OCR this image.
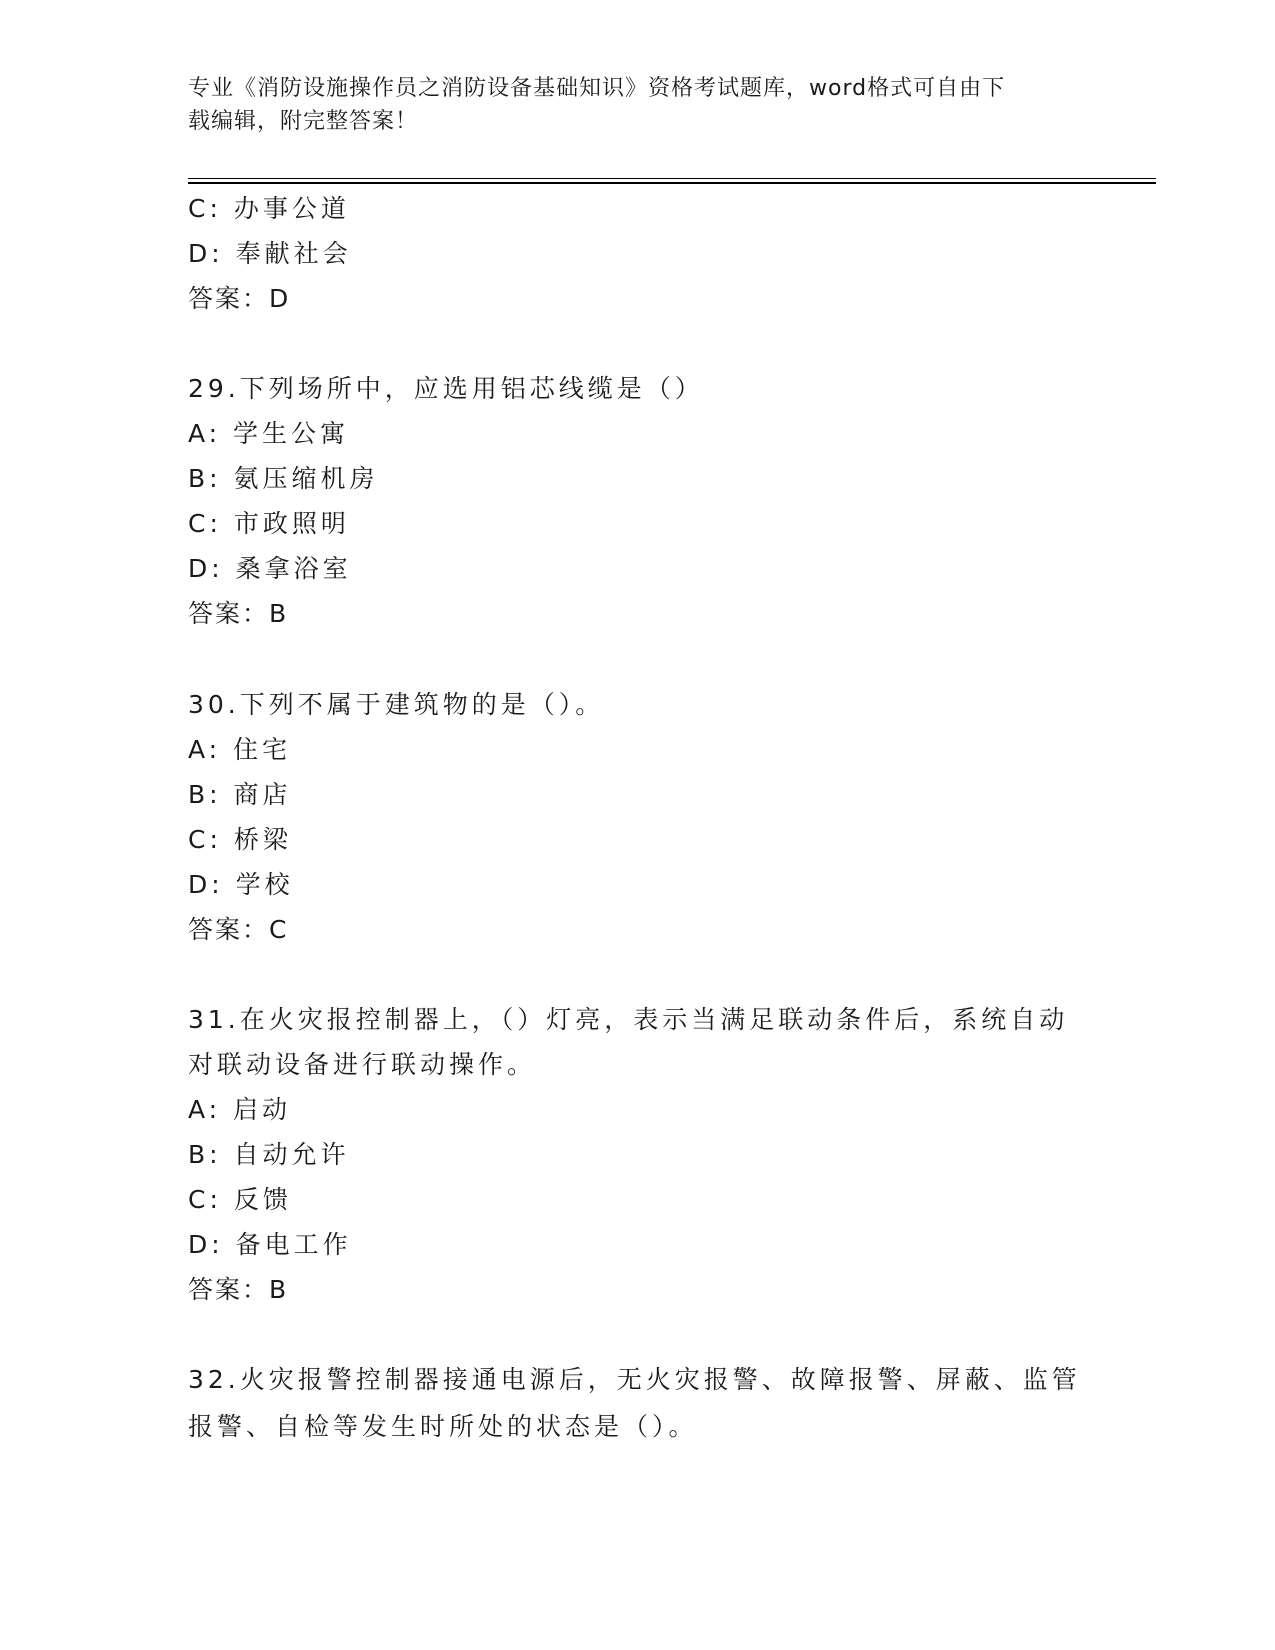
专业《消防设施操作员之消防设备基础知识》资格考试题库，word格式可自由下
载编辑，附完整答案！
C: 办事公道
D: 奉献社会
答案：D
29.下列场所中，应选用铝芯线缆是（）
A: 学生公寓
B: 氨压缩机房
C: 市政照明
D: 桑拿浴室
答案：B
30.下列不属于建筑物的是（）。
A: 住宅
B: 商店
C: 桥梁
D: 学校
答案：C
31.在火灾报控制器上，（）灯亮，表示当满足联动条件后，系统自动
对联动设备进行联动操作。
A: 启动
B: 自动允许
C: 反馈
D: 备电工作
答案：B
32.火灾报警控制器接通电源后，无火灾报警、故障报警、屏蔽、监管
报警、自检等发生时所处的状态是（）。
